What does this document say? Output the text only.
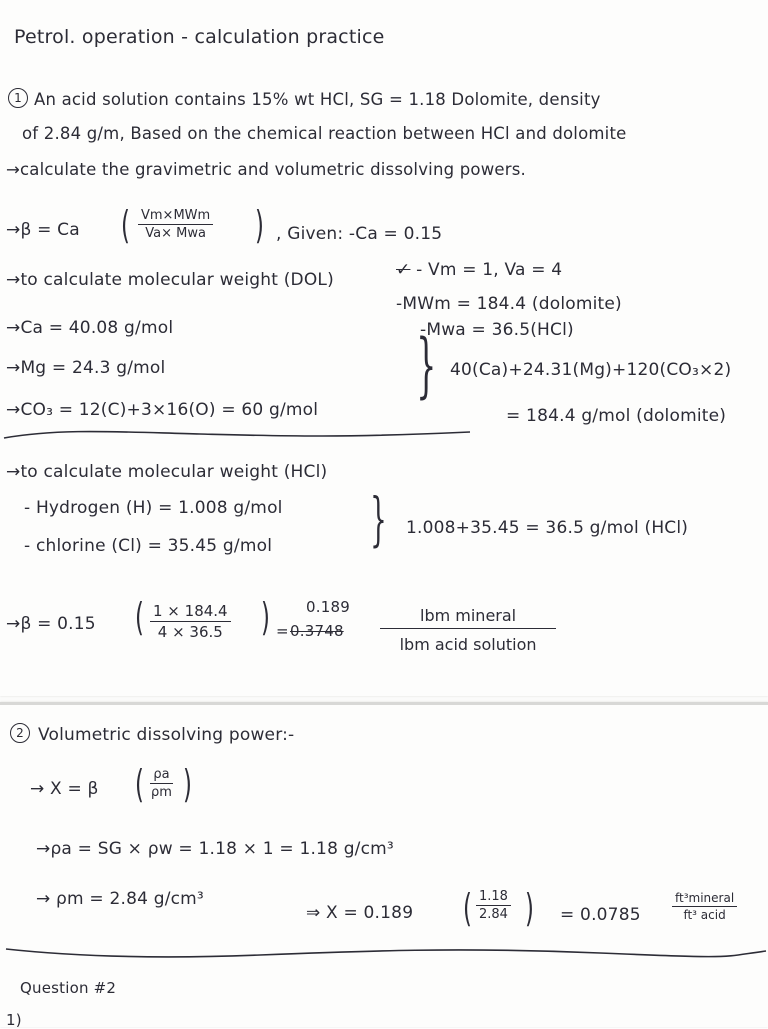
Petrol. operation - calculation practice
1 An acid solution contains 15% wt HCl, SG = 1.18 Dolomite, density
of 2.84 g/m, Based on the chemical reaction between HCl and dolomite
→calculate the gravimetric and volumetric dissolving powers.
→β = Ca ( Vm×MWm
Va× Mwa ) , Given: -Ca = 0.15
✓ - Vm = 1, Va = 4
-MWm = 184.4 (dolomite)
-Mwa = 36.5(HCl)
→to calculate molecular weight (DOL)
→Ca = 40.08 g/mol
→Mg = 24.3 g/mol
→CO₃ = 12(C)+3×16(O) = 60 g/mol
} 40(Ca)+24.31(Mg)+120(CO₃×2)
= 184.4 g/mol (dolomite)
→to calculate molecular weight (HCl)
- Hydrogen (H) = 1.008 g/mol
- chlorine (Cl) = 35.45 g/mol } 1.008+35.45 = 36.5 g/mol (HCl)
→β = 0.15 ( $\frac{1 \times 184.4}{4 \times 36.5}$ ) =
0.189
0.3748
lbm mineral
lbm acid solution
2 Volumetric dissolving power:-
→ X = β ( $\frac{\rho a}{\rho m}$ )
→ρa = SG × ρw = 1.18 × 1 = 1.18 g/cm³
→ ρm = 2.84 g/cm³
⇒ X = 0.189 ( $\frac{1.18}{2.84}$ ) = 0.0785
ft³mineral
ft³ acid
Question #2
1)
